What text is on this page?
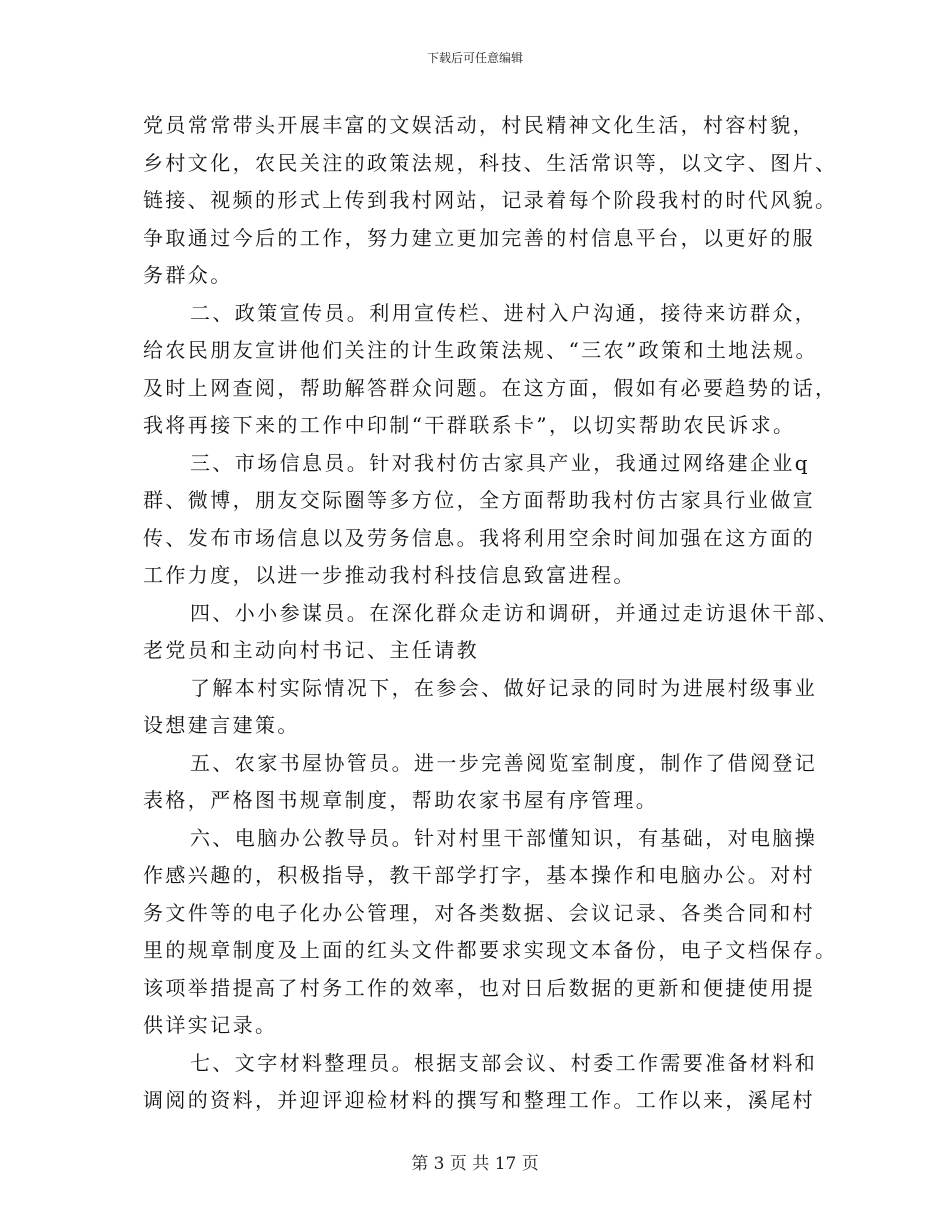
下载后可任意编辑
党员常常带头开展丰富的文娱活动，村民精神文化生活，村容村貌，
乡村文化，农民关注的政策法规，科技、生活常识等，以文字、图片、
链接、视频的形式上传到我村网站，记录着每个阶段我村的时代风貌。
争取通过今后的工作，努力建立更加完善的村信息平台，以更好的服
务群众。
二、政策宣传员。利用宣传栏、进村入户沟通，接待来访群众，
给农民朋友宣讲他们关注的计生政策法规、“三农”政策和土地法规。
及时上网查阅，帮助解答群众问题。在这方面，假如有必要趋势的话，
我将再接下来的工作中印制“干群联系卡”，以切实帮助农民诉求。
三、市场信息员。针对我村仿古家具产业，我通过网络建企业q
群、微博，朋友交际圈等多方位，全方面帮助我村仿古家具行业做宣
传、发布市场信息以及劳务信息。我将利用空余时间加强在这方面的
工作力度，以进一步推动我村科技信息致富进程。
四、小小参谋员。在深化群众走访和调研，并通过走访退休干部、
老党员和主动向村书记、主任请教
了解本村实际情况下，在参会、做好记录的同时为进展村级事业
设想建言建策。
五、农家书屋协管员。进一步完善阅览室制度，制作了借阅登记
表格，严格图书规章制度，帮助农家书屋有序管理。
六、电脑办公教导员。针对村里干部懂知识，有基础，对电脑操
作感兴趣的，积极指导，教干部学打字，基本操作和电脑办公。对村
务文件等的电子化办公管理，对各类数据、会议记录、各类合同和村
里的规章制度及上面的红头文件都要求实现文本备份，电子文档保存。
该项举措提高了村务工作的效率，也对日后数据的更新和便捷使用提
供详实记录。
七、文字材料整理员。根据支部会议、村委工作需要准备材料和
调阅的资料，并迎评迎检材料的撰写和整理工作。工作以来，溪尾村
第 3 页 共 17 页
